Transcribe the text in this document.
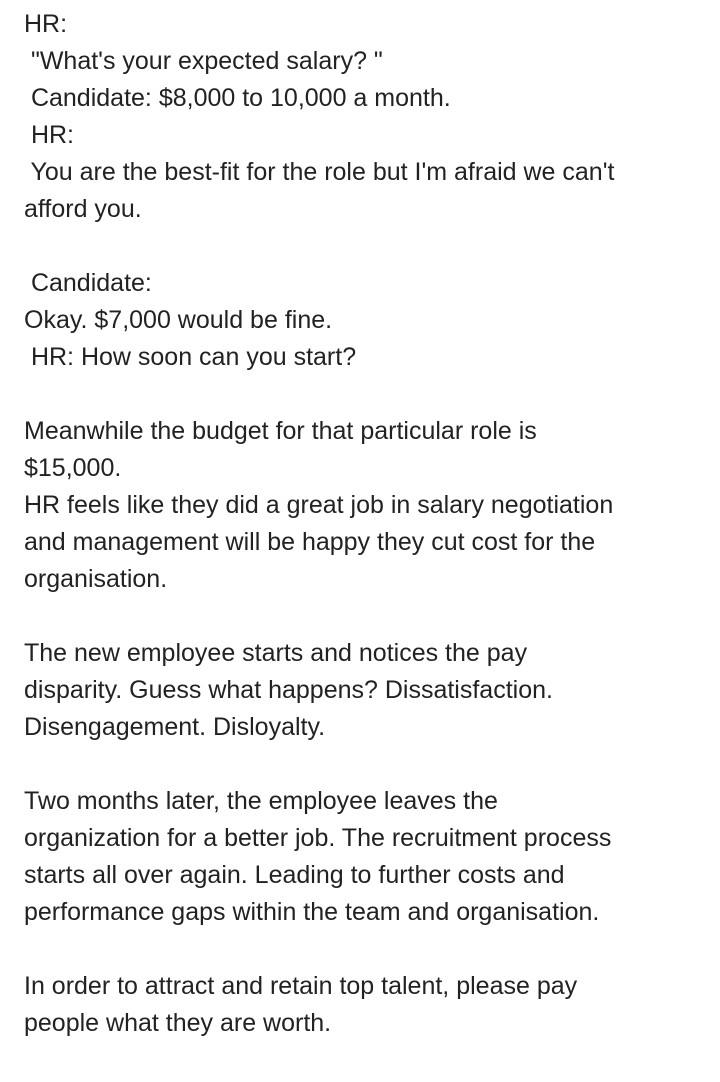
HR:
"What's your expected salary? "
Candidate: $8,000 to 10,000 a month.
HR:
You are the best-fit for the role but I'm afraid we can't
afford you.
Candidate:
Okay. $7,000 would be fine.
HR: How soon can you start?
Meanwhile the budget for that particular role is
$15,000.
HR feels like they did a great job in salary negotiation
and management will be happy they cut cost for the
organisation.
The new employee starts and notices the pay
disparity. Guess what happens? Dissatisfaction.
Disengagement. Disloyalty.
Two months later, the employee leaves the
organization for a better job. The recruitment process
starts all over again. Leading to further costs and
performance gaps within the team and organisation.
In order to attract and retain top talent, please pay
people what they are worth.
